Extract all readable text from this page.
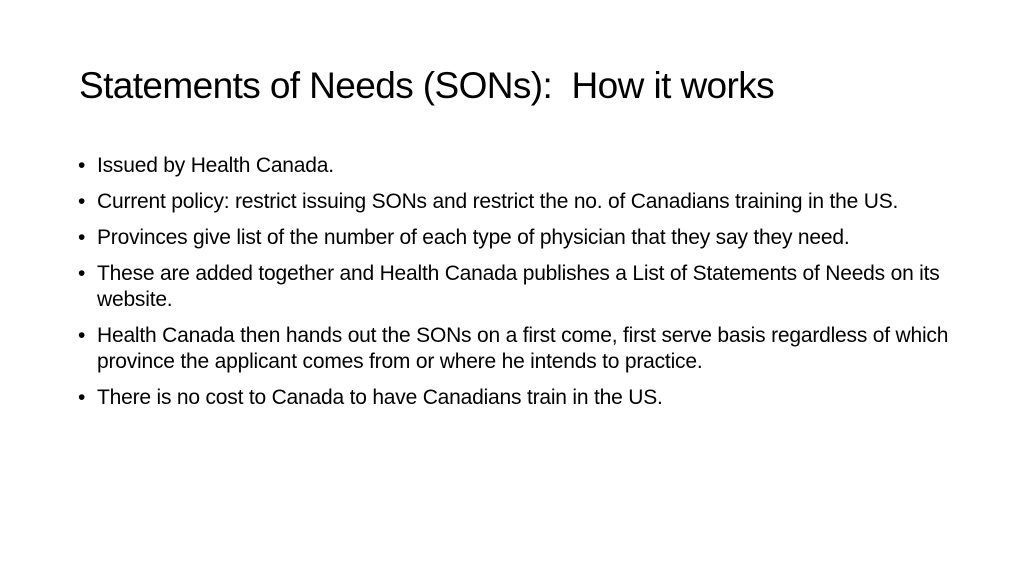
Statements of Needs (SONs):  How it works
• Issued by Health Canada.
• Current policy: restrict issuing SONs and restrict the no. of Canadians training in the US.
• Provinces give list of the number of each type of physician that they say they need.
• These are added together and Health Canada publishes a List of Statements of Needs on its website.
• Health Canada then hands out the SONs on a first come, first serve basis regardless of which province the applicant comes from or where he intends to practice.
• There is no cost to Canada to have Canadians train in the US.
